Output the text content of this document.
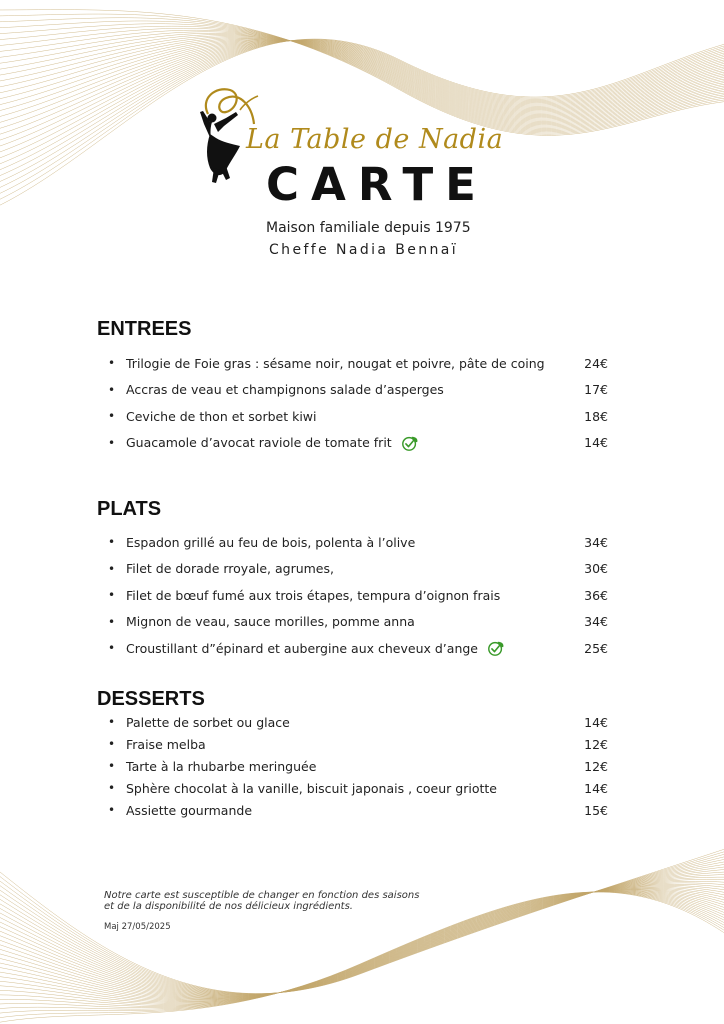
La Table de Nadia
CARTE
Maison familiale depuis 1975
Cheffe Nadia Bennaï
ENTREES
• Trilogie de Foie gras : sésame noir, nougat et poivre, pâte de coing	24€
• Accras de veau et champignons salade d’asperges	17€
• Ceviche de thon et sorbet kiwi	18€
• Guacamole d’avocat raviole de tomate frit	14€
PLATS
• Espadon grillé au feu de bois, polenta à l’olive	34€
• Filet de dorade rroyale, agrumes,	30€
• Filet de bœuf fumé aux trois étapes, tempura d’oignon frais	36€
• Mignon de veau, sauce morilles, pomme anna	34€
• Croustillant d”épinard et aubergine aux cheveux d’ange	25€
DESSERTS
• Palette de sorbet ou glace	14€
• Fraise melba	12€
• Tarte à la rhubarbe meringuée	12€
• Sphère chocolat à la vanille, biscuit japonais , coeur griotte	14€
• Assiette gourmande	15€
Notre carte est susceptible de changer en fonction des saisons
et de la disponibilité de nos délicieux ingrédients.
Maj 27/05/2025
